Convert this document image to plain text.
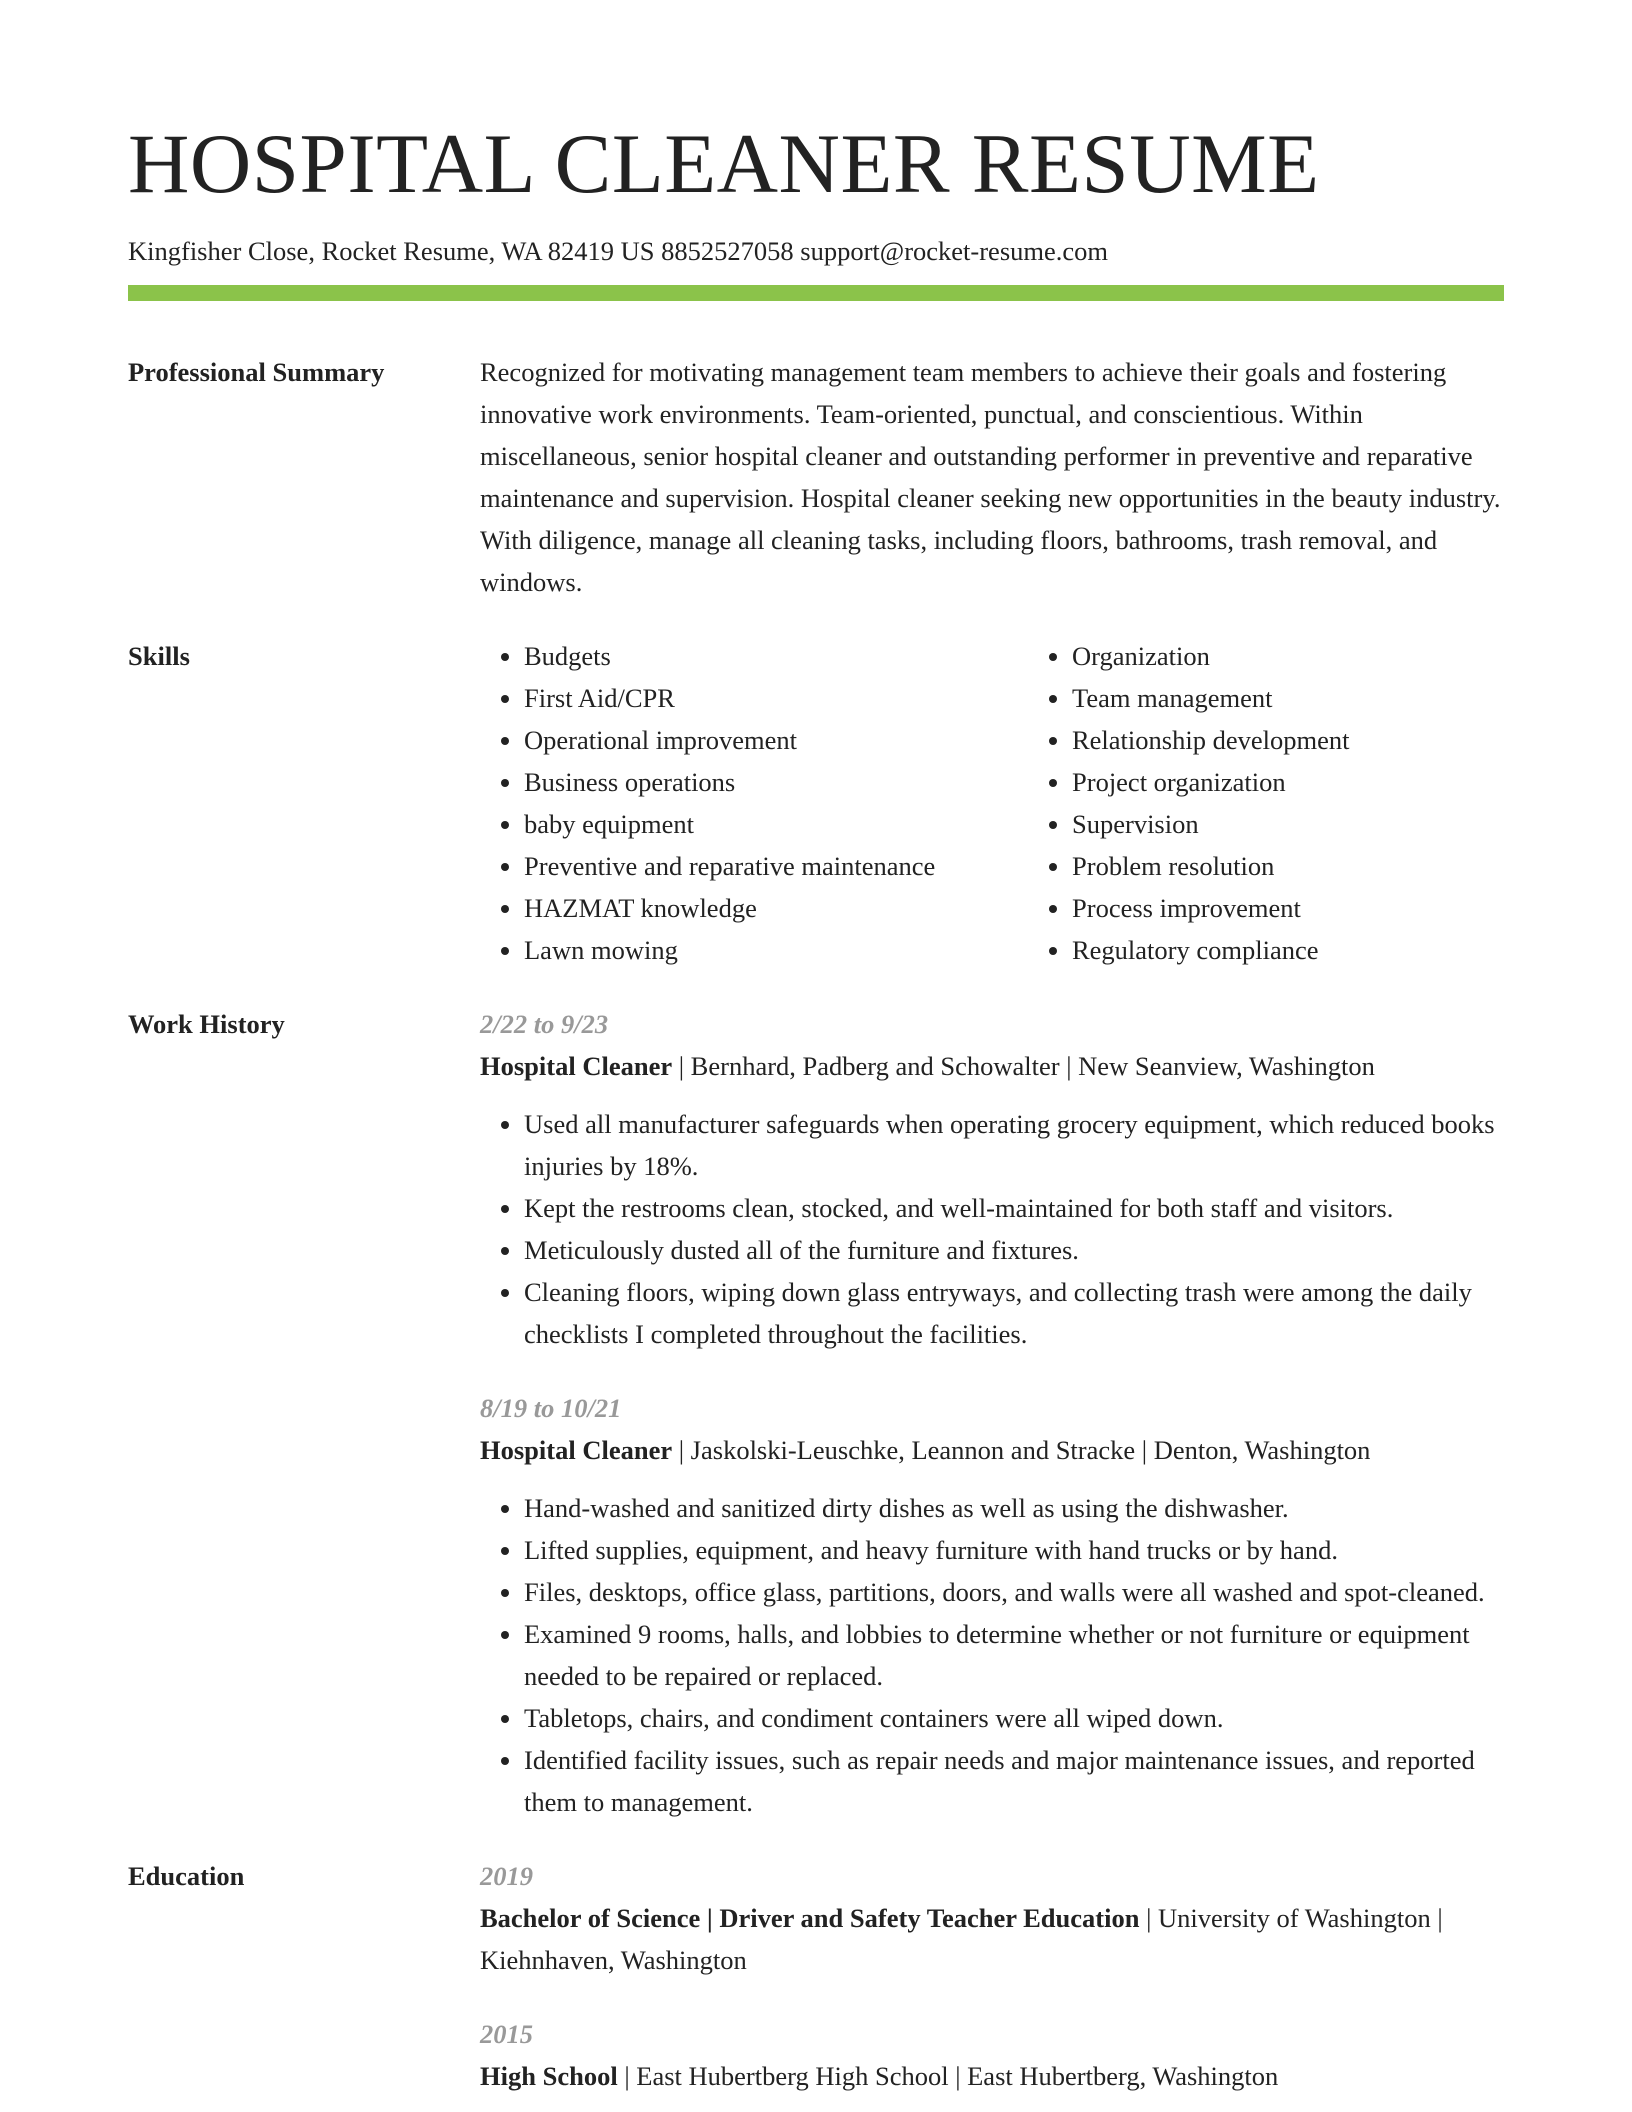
HOSPITAL CLEANER RESUME
Kingfisher Close, Rocket Resume, WA 82419 US 8852527058 support@rocket-resume.com
Professional Summary	Recognized for motivating management team members to achieve their goals and fostering innovative work environments. Team-oriented, punctual, and conscientious. Within miscellaneous, senior hospital cleaner and outstanding performer in preventive and reparative maintenance and supervision. Hospital cleaner seeking new opportunities in the beauty industry. With diligence, manage all cleaning tasks, including floors, bathrooms, trash removal, and windows.

Skills
•	Budgets
• First Aid/CPR
• Operational improvement
• Business operations
• baby equipment
• Preventive and reparative maintenance
• HAZMAT knowledge
• Lawn mowing
• Organization
• Team management
• Relationship development
• Project organization
• Supervision
• Problem resolution
• Process improvement
• Regulatory compliance
Work History	2/22 to 9/23
Hospital Cleaner | Bernhard, Padberg and Schowalter | New Seanview, Washington
• Used all manufacturer safeguards when operating grocery equipment, which reduced books injuries by 18%.
• Kept the restrooms clean, stocked, and well-maintained for both staff and visitors.
• Meticulously dusted all of the furniture and fixtures.
• Cleaning floors, wiping down glass entryways, and collecting trash were among the daily checklists I completed throughout the facilities.
8/19 to 10/21
Hospital Cleaner | Jaskolski-Leuschke, Leannon and Stracke | Denton, Washington
• Hand-washed and sanitized dirty dishes as well as using the dishwasher.
• Lifted supplies, equipment, and heavy furniture with hand trucks or by hand.
• Files, desktops, office glass, partitions, doors, and walls were all washed and spot-cleaned.
• Examined 9 rooms, halls, and lobbies to determine whether or not furniture or equipment needed to be repaired or replaced.
• Tabletops, chairs, and condiment containers were all wiped down.
• Identified facility issues, such as repair needs and major maintenance issues, and reported them to management.
Education	2019
Bachelor of Science | Driver and Safety Teacher Education | University of Washington | Kiehnhaven, Washington
2015
High School | East Hubertberg High School | East Hubertberg, Washington
